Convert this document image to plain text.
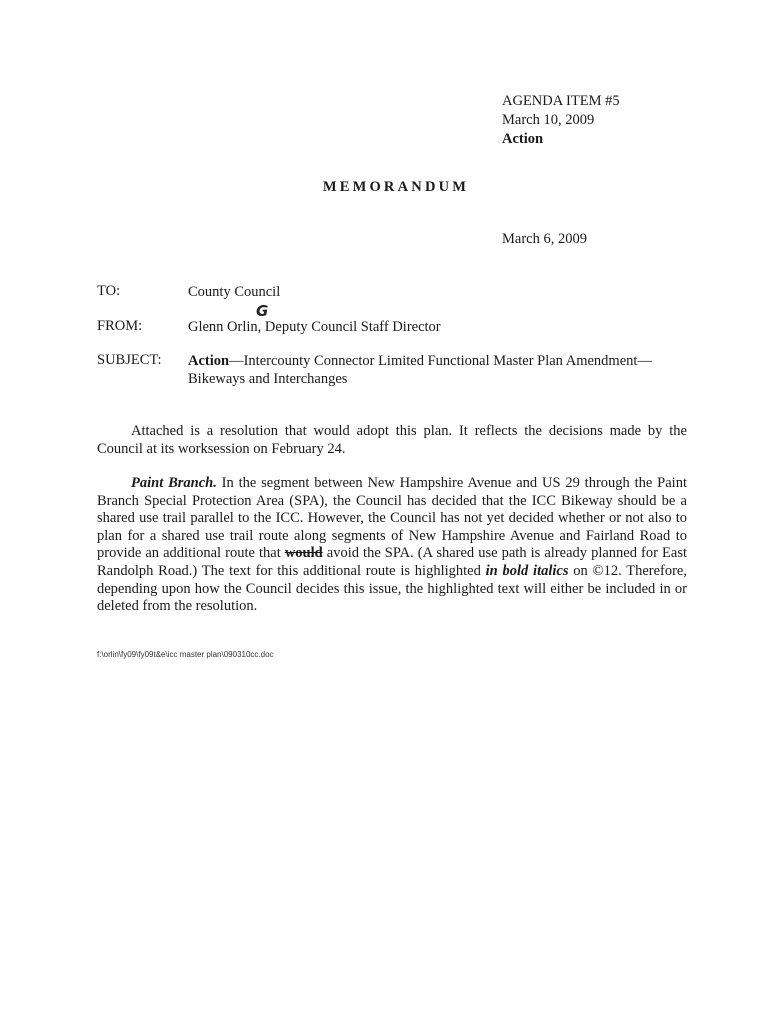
AGENDA ITEM #5
March 10, 2009
Action
MEMORANDUM
March 6, 2009
TO:	County Council
G
FROM:	Glenn Orlin, Deputy Council Staff Director
SUBJECT: Action—Intercounty Connector Limited Functional Master Plan Amendment—
Bikeways and Interchanges
Attached is a resolution that would adopt this plan. It reflects the decisions made by the Council at its worksession on February 24.
Paint Branch. In the segment between New Hampshire Avenue and US 29 through the Paint Branch Special Protection Area (SPA), the Council has decided that the ICC Bikeway should be a shared use trail parallel to the ICC. However, the Council has not yet decided whether or not also to plan for a shared use trail route along segments of New Hampshire Avenue and Fairland Road to provide an additional route that would avoid the SPA. (A shared use path is already planned for East Randolph Road.) The text for this additional route is highlighted in bold italics on ©12. Therefore, depending upon how the Council decides this issue, the highlighted text will either be included in or deleted from the resolution.
f:\orlin\fy09\fy09t&e\icc master plan\090310cc.doc
